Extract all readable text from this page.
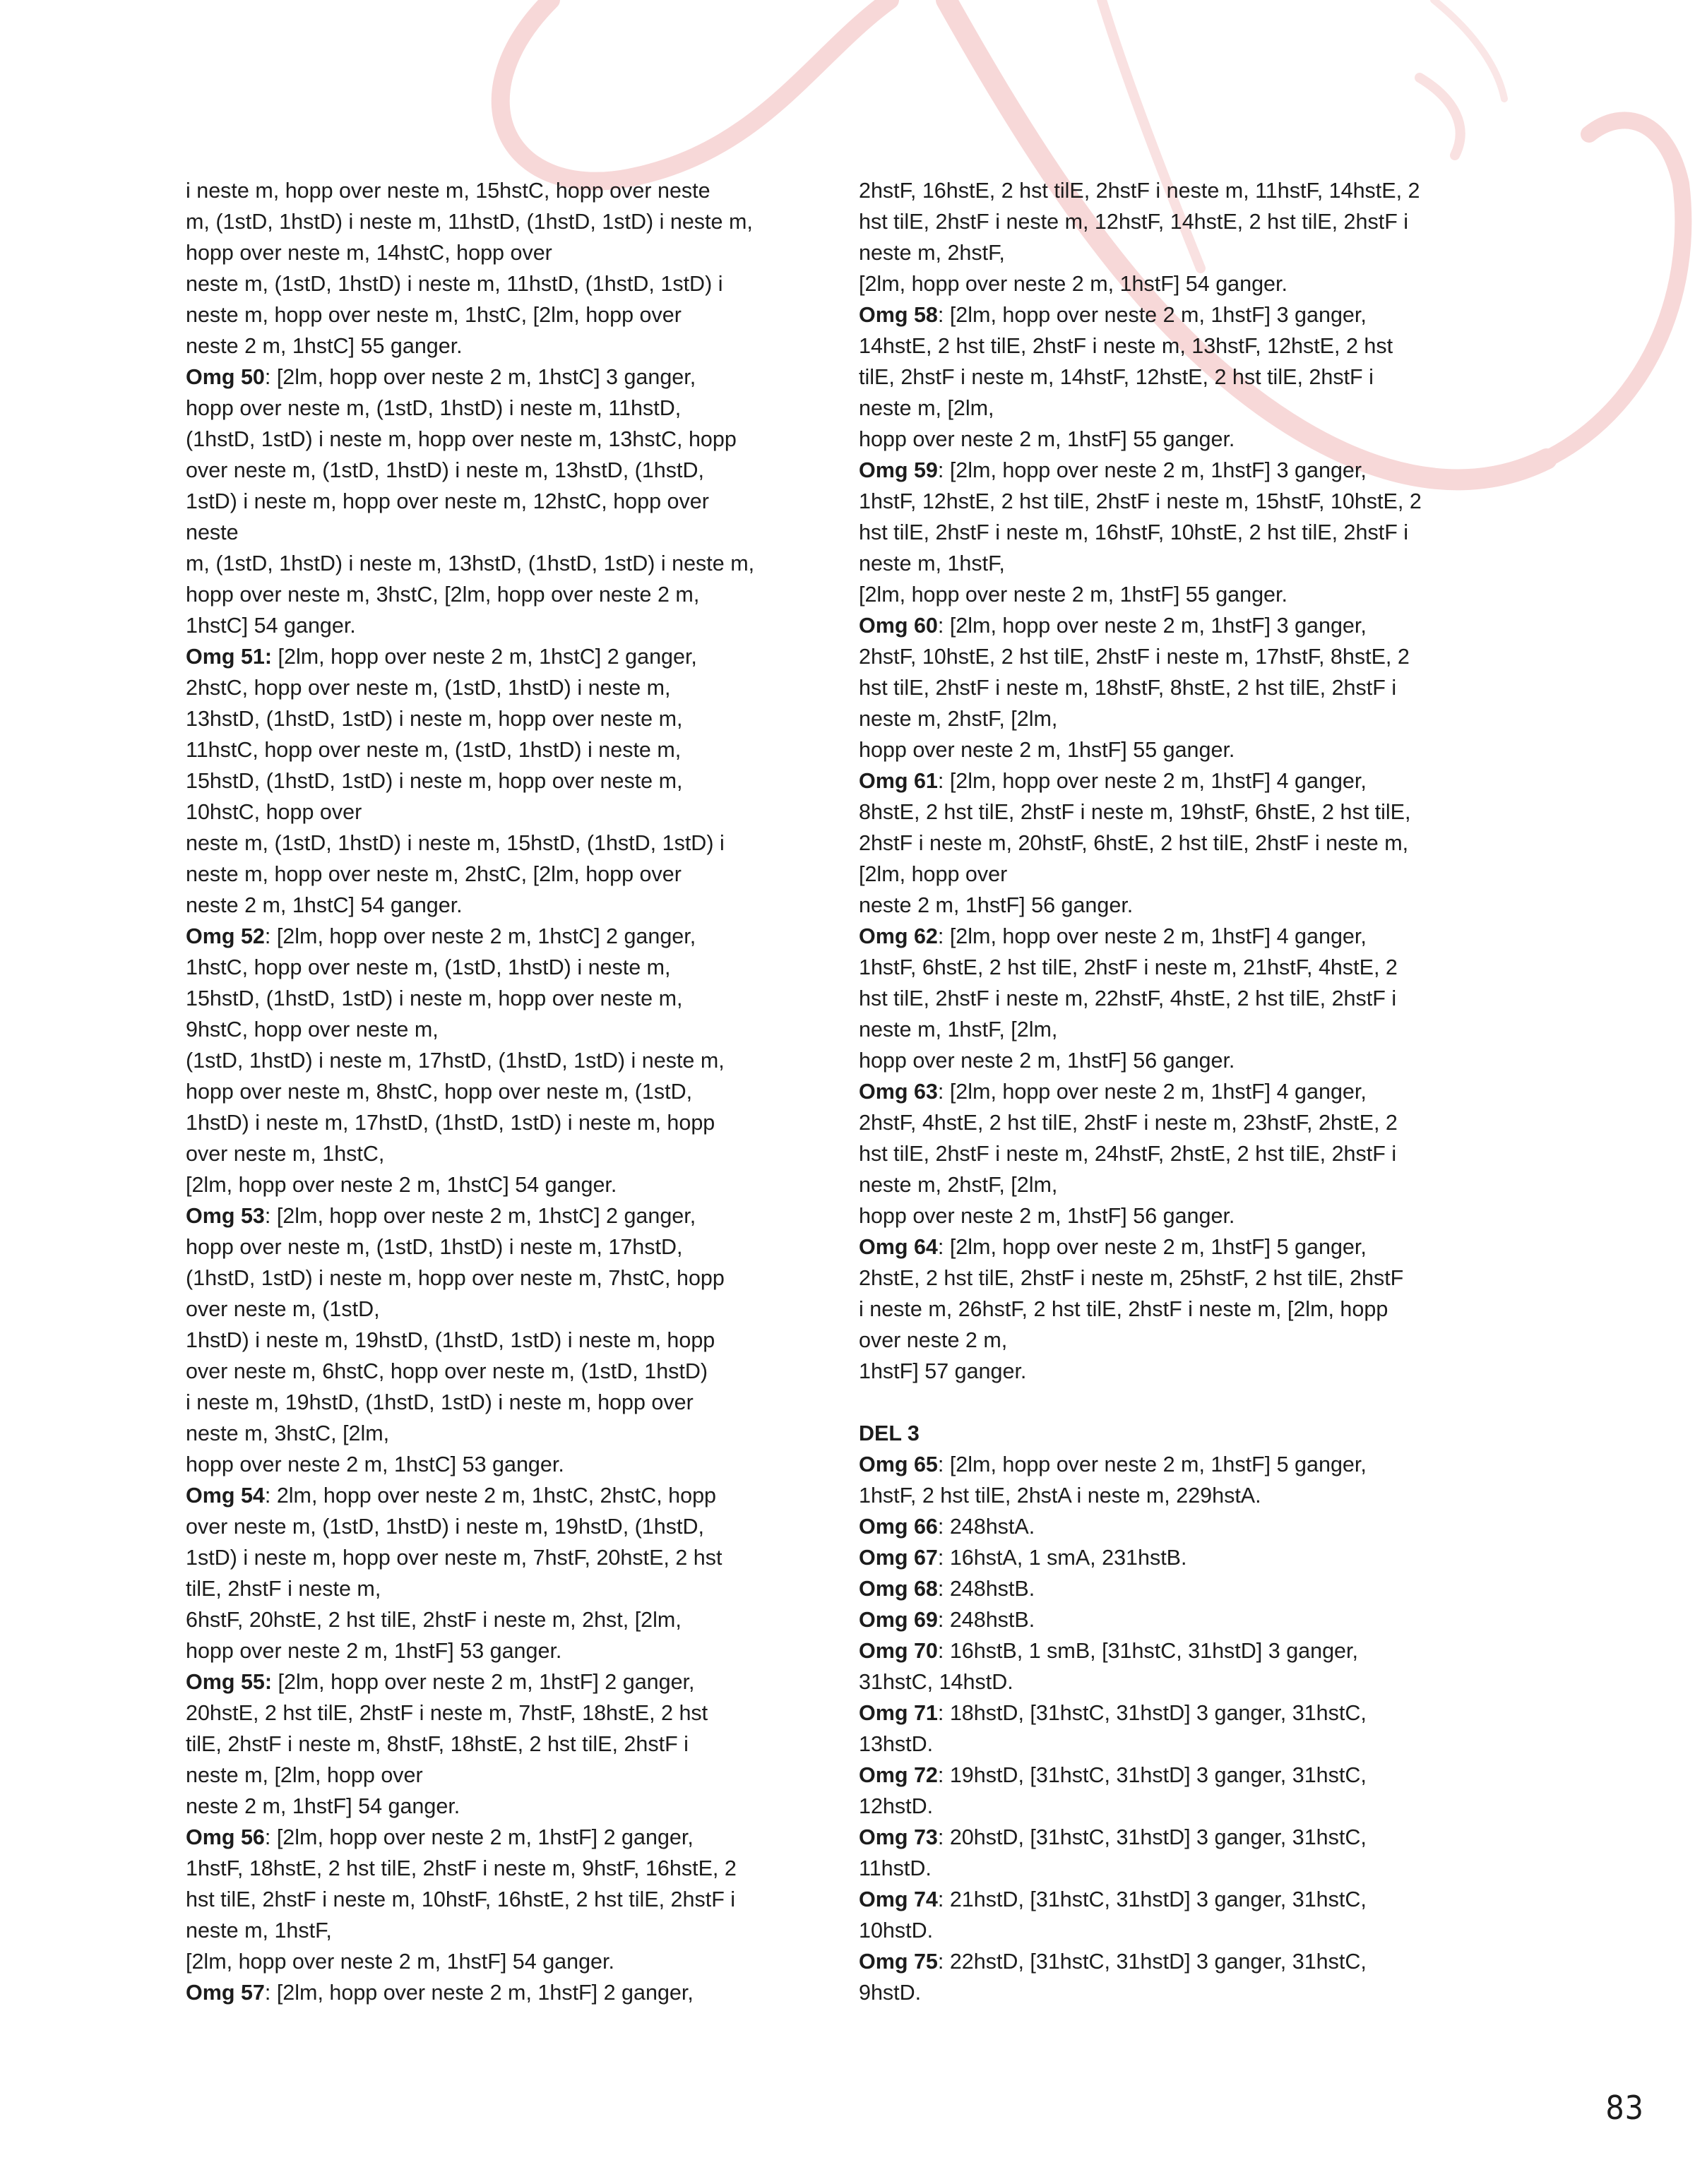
i neste m, hopp over neste m, 15hstC, hopp over neste
m, (1stD, 1hstD) i neste m, 11hstD, (1hstD, 1stD) i neste m,
hopp over neste m, 14hstC, hopp over
neste m, (1stD, 1hstD) i neste m, 11hstD, (1hstD, 1stD) i
neste m, hopp over neste m, 1hstC, [2lm, hopp over
neste 2 m, 1hstC] 55 ganger.
Omg 50: [2lm, hopp over neste 2 m, 1hstC] 3 ganger,
hopp over neste m, (1stD, 1hstD) i neste m, 11hstD,
(1hstD, 1stD) i neste m, hopp over neste m, 13hstC, hopp
over neste m, (1stD, 1hstD) i neste m, 13hstD, (1hstD,
1stD) i neste m, hopp over neste m, 12hstC, hopp over
neste
m, (1stD, 1hstD) i neste m, 13hstD, (1hstD, 1stD) i neste m,
hopp over neste m, 3hstC, [2lm, hopp over neste 2 m,
1hstC] 54 ganger.
Omg 51: [2lm, hopp over neste 2 m, 1hstC] 2 ganger,
2hstC, hopp over neste m, (1stD, 1hstD) i neste m,
13hstD, (1hstD, 1stD) i neste m, hopp over neste m,
11hstC, hopp over neste m, (1stD, 1hstD) i neste m,
15hstD, (1hstD, 1stD) i neste m, hopp over neste m,
10hstC, hopp over
neste m, (1stD, 1hstD) i neste m, 15hstD, (1hstD, 1stD) i
neste m, hopp over neste m, 2hstC, [2lm, hopp over
neste 2 m, 1hstC] 54 ganger.
Omg 52: [2lm, hopp over neste 2 m, 1hstC] 2 ganger,
1hstC, hopp over neste m, (1stD, 1hstD) i neste m,
15hstD, (1hstD, 1stD) i neste m, hopp over neste m,
9hstC, hopp over neste m,
(1stD, 1hstD) i neste m, 17hstD, (1hstD, 1stD) i neste m,
hopp over neste m, 8hstC, hopp over neste m, (1stD,
1hstD) i neste m, 17hstD, (1hstD, 1stD) i neste m, hopp
over neste m, 1hstC,
[2lm, hopp over neste 2 m, 1hstC] 54 ganger.
Omg 53: [2lm, hopp over neste 2 m, 1hstC] 2 ganger,
hopp over neste m, (1stD, 1hstD) i neste m, 17hstD,
(1hstD, 1stD) i neste m, hopp over neste m, 7hstC, hopp
over neste m, (1stD,
1hstD) i neste m, 19hstD, (1hstD, 1stD) i neste m, hopp
over neste m, 6hstC, hopp over neste m, (1stD, 1hstD)
i neste m, 19hstD, (1hstD, 1stD) i neste m, hopp over
neste m, 3hstC, [2lm,
hopp over neste 2 m, 1hstC] 53 ganger.
Omg 54: 2lm, hopp over neste 2 m, 1hstC, 2hstC, hopp
over neste m, (1stD, 1hstD) i neste m, 19hstD, (1hstD,
1stD) i neste m, hopp over neste m, 7hstF, 20hstE, 2 hst
tilE, 2hstF i neste m,
6hstF, 20hstE, 2 hst tilE, 2hstF i neste m, 2hst, [2lm,
hopp over neste 2 m, 1hstF] 53 ganger.
Omg 55: [2lm, hopp over neste 2 m, 1hstF] 2 ganger,
20hstE, 2 hst tilE, 2hstF i neste m, 7hstF, 18hstE, 2 hst
tilE, 2hstF i neste m, 8hstF, 18hstE, 2 hst tilE, 2hstF i
neste m, [2lm, hopp over
neste 2 m, 1hstF] 54 ganger.
Omg 56: [2lm, hopp over neste 2 m, 1hstF] 2 ganger,
1hstF, 18hstE, 2 hst tilE, 2hstF i neste m, 9hstF, 16hstE, 2
hst tilE, 2hstF i neste m, 10hstF, 16hstE, 2 hst tilE, 2hstF i
neste m, 1hstF,
[2lm, hopp over neste 2 m, 1hstF] 54 ganger.
Omg 57: [2lm, hopp over neste 2 m, 1hstF] 2 ganger,
2hstF, 16hstE, 2 hst tilE, 2hstF i neste m, 11hstF, 14hstE, 2
hst tilE, 2hstF i neste m, 12hstF, 14hstE, 2 hst tilE, 2hstF i
neste m, 2hstF,
[2lm, hopp over neste 2 m, 1hstF] 54 ganger.
Omg 58: [2lm, hopp over neste 2 m, 1hstF] 3 ganger,
14hstE, 2 hst tilE, 2hstF i neste m, 13hstF, 12hstE, 2 hst
tilE, 2hstF i neste m, 14hstF, 12hstE, 2 hst tilE, 2hstF i
neste m, [2lm,
hopp over neste 2 m, 1hstF] 55 ganger.
Omg 59: [2lm, hopp over neste 2 m, 1hstF] 3 ganger,
1hstF, 12hstE, 2 hst tilE, 2hstF i neste m, 15hstF, 10hstE, 2
hst tilE, 2hstF i neste m, 16hstF, 10hstE, 2 hst tilE, 2hstF i
neste m, 1hstF,
[2lm, hopp over neste 2 m, 1hstF] 55 ganger.
Omg 60: [2lm, hopp over neste 2 m, 1hstF] 3 ganger,
2hstF, 10hstE, 2 hst tilE, 2hstF i neste m, 17hstF, 8hstE, 2
hst tilE, 2hstF i neste m, 18hstF, 8hstE, 2 hst tilE, 2hstF i
neste m, 2hstF, [2lm,
hopp over neste 2 m, 1hstF] 55 ganger.
Omg 61: [2lm, hopp over neste 2 m, 1hstF] 4 ganger,
8hstE, 2 hst tilE, 2hstF i neste m, 19hstF, 6hstE, 2 hst tilE,
2hstF i neste m, 20hstF, 6hstE, 2 hst tilE, 2hstF i neste m,
[2lm, hopp over
neste 2 m, 1hstF] 56 ganger.
Omg 62: [2lm, hopp over neste 2 m, 1hstF] 4 ganger,
1hstF, 6hstE, 2 hst tilE, 2hstF i neste m, 21hstF, 4hstE, 2
hst tilE, 2hstF i neste m, 22hstF, 4hstE, 2 hst tilE, 2hstF i
neste m, 1hstF, [2lm,
hopp over neste 2 m, 1hstF] 56 ganger.
Omg 63: [2lm, hopp over neste 2 m, 1hstF] 4 ganger,
2hstF, 4hstE, 2 hst tilE, 2hstF i neste m, 23hstF, 2hstE, 2
hst tilE, 2hstF i neste m, 24hstF, 2hstE, 2 hst tilE, 2hstF i
neste m, 2hstF, [2lm,
hopp over neste 2 m, 1hstF] 56 ganger.
Omg 64: [2lm, hopp over neste 2 m, 1hstF] 5 ganger,
2hstE, 2 hst tilE, 2hstF i neste m, 25hstF, 2 hst tilE, 2hstF
i neste m, 26hstF, 2 hst tilE, 2hstF i neste m, [2lm, hopp
over neste 2 m,
1hstF] 57 ganger.
DEL 3
Omg 65: [2lm, hopp over neste 2 m, 1hstF] 5 ganger,
1hstF, 2 hst tilE, 2hstA i neste m, 229hstA.
Omg 66: 248hstA.
Omg 67: 16hstA, 1 smA, 231hstB.
Omg 68: 248hstB.
Omg 69: 248hstB.
Omg 70: 16hstB, 1 smB, [31hstC, 31hstD] 3 ganger,
31hstC, 14hstD.
Omg 71: 18hstD, [31hstC, 31hstD] 3 ganger, 31hstC,
13hstD.
Omg 72: 19hstD, [31hstC, 31hstD] 3 ganger, 31hstC,
12hstD.
Omg 73: 20hstD, [31hstC, 31hstD] 3 ganger, 31hstC,
11hstD.
Omg 74: 21hstD, [31hstC, 31hstD] 3 ganger, 31hstC,
10hstD.
Omg 75: 22hstD, [31hstC, 31hstD] 3 ganger, 31hstC,
9hstD.
83
